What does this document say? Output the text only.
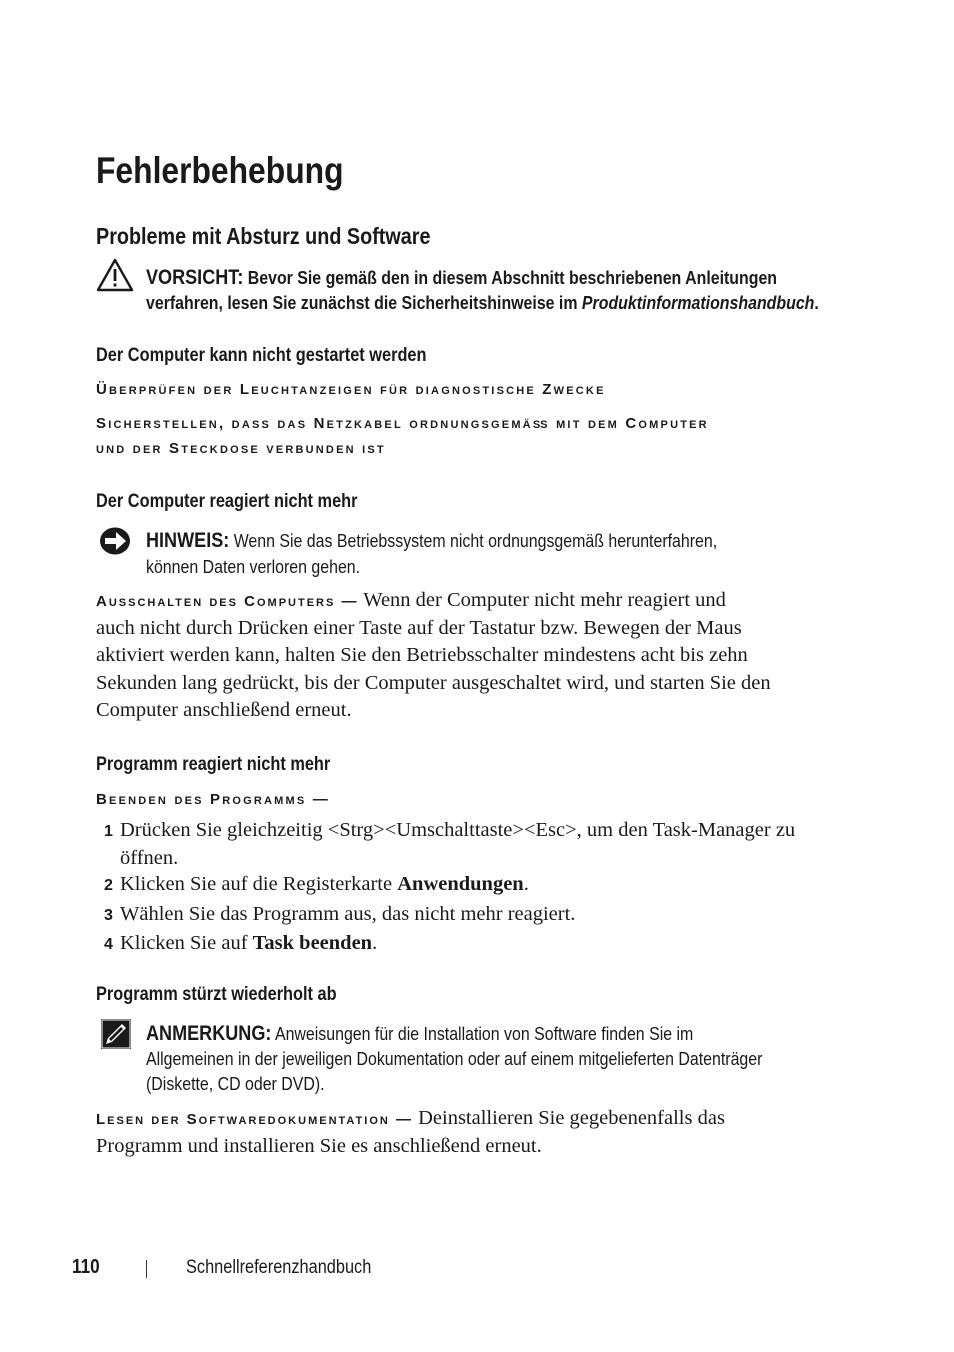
Fehlerbehebung
Probleme mit Absturz und Software
VORSICHT: Bevor Sie gemäß den in diesem Abschnitt beschriebenen Anleitungen
verfahren, lesen Sie zunächst die Sicherheitshinweise im Produktinformationshandbuch.
Der Computer kann nicht gestartet werden
Überprüfen der Leuchtanzeigen für diagnostische Zwecke
Sicherstellen, dass das Netzkabel ordnungsgemäß mit dem Computer
und der Steckdose verbunden ist
Der Computer reagiert nicht mehr
HINWEIS: Wenn Sie das Betriebssystem nicht ordnungsgemäß herunterfahren,
können Daten verloren gehen.
Ausschalten des Computers — Wenn der Computer nicht mehr reagiert und
auch nicht durch Drücken einer Taste auf der Tastatur bzw. Bewegen der Maus
aktiviert werden kann, halten Sie den Betriebsschalter mindestens acht bis zehn
Sekunden lang gedrückt, bis der Computer ausgeschaltet wird, und starten Sie den
Computer anschließend erneut.
Programm reagiert nicht mehr
Beenden des Programms —
1 Drücken Sie gleichzeitig <Strg><Umschalttaste><Esc>, um den Task-Manager zu
öffnen.
2 Klicken Sie auf die Registerkarte Anwendungen.
3 Wählen Sie das Programm aus, das nicht mehr reagiert.
4 Klicken Sie auf Task beenden.
Programm stürzt wiederholt ab
ANMERKUNG: Anweisungen für die Installation von Software finden Sie im
Allgemeinen in der jeweiligen Dokumentation oder auf einem mitgelieferten Datenträger
(Diskette, CD oder DVD).
Lesen der Softwaredokumentation — Deinstallieren Sie gegebenenfalls das
Programm und installieren Sie es anschließend erneut.
110	Schnellreferenzhandbuch
